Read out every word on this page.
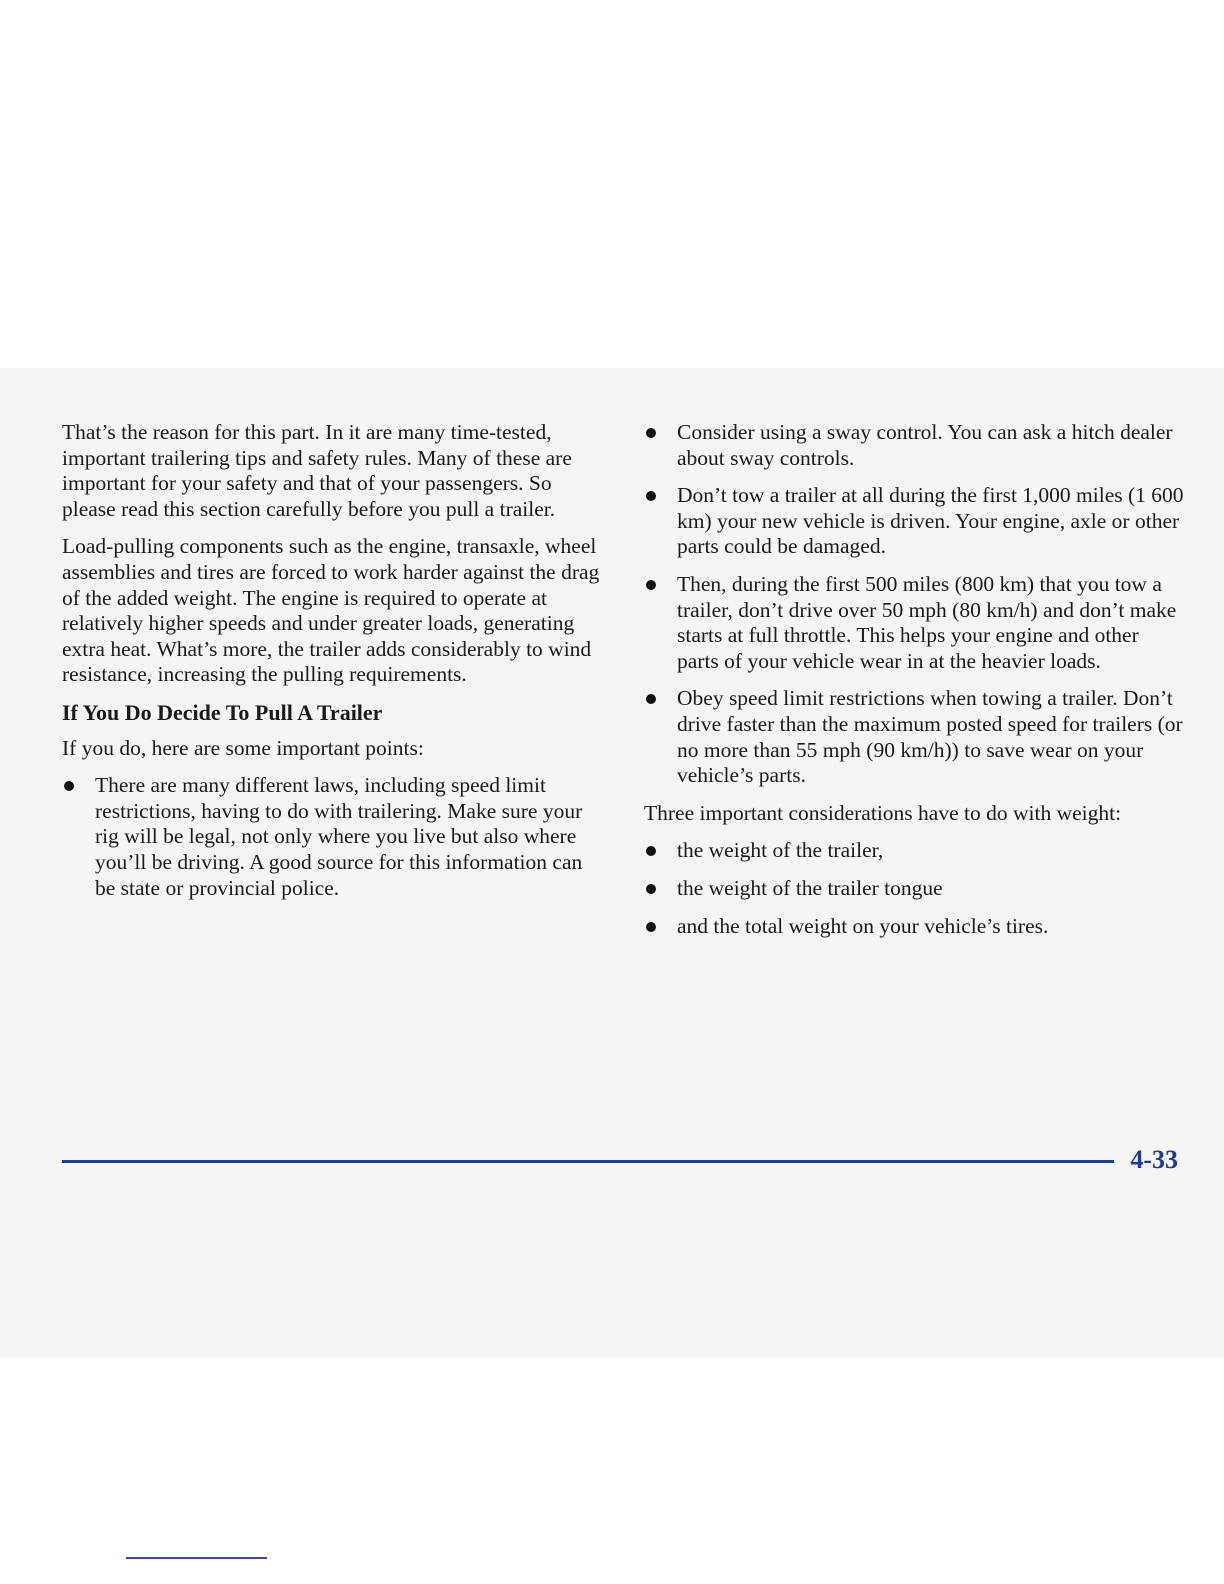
That’s the reason for this part. In it are many time-tested, important trailering tips and safety rules. Many of these are important for your safety and that of your passengers. So please read this section carefully before you pull a trailer.

Load-pulling components such as the engine, transaxle, wheel assemblies and tires are forced to work harder against the drag of the added weight. The engine is required to operate at relatively higher speeds and under greater loads, generating extra heat. What’s more, the trailer adds considerably to wind resistance, increasing the pulling requirements.

If You Do Decide To Pull A Trailer

If you do, here are some important points:

There are many different laws, including speed limit restrictions, having to do with trailering. Make sure your rig will be legal, not only where you live but also where you’ll be driving. A good source for this information can be state or provincial police.
Consider using a sway control. You can ask a hitch dealer about sway controls.
Don’t tow a trailer at all during the first 1,000 miles (1 600 km) your new vehicle is driven. Your engine, axle or other parts could be damaged.
Then, during the first 500 miles (800 km) that you tow a trailer, don’t drive over 50 mph (80 km/h) and don’t make starts at full throttle. This helps your engine and other parts of your vehicle wear in at the heavier loads.
Obey speed limit restrictions when towing a trailer. Don’t drive faster than the maximum posted speed for trailers (or no more than 55 mph (90 km/h)) to save wear on your vehicle’s parts.

Three important considerations have to do with weight:

the weight of the trailer,
the weight of the trailer tongue
and the total weight on your vehicle’s tires.
4-33
